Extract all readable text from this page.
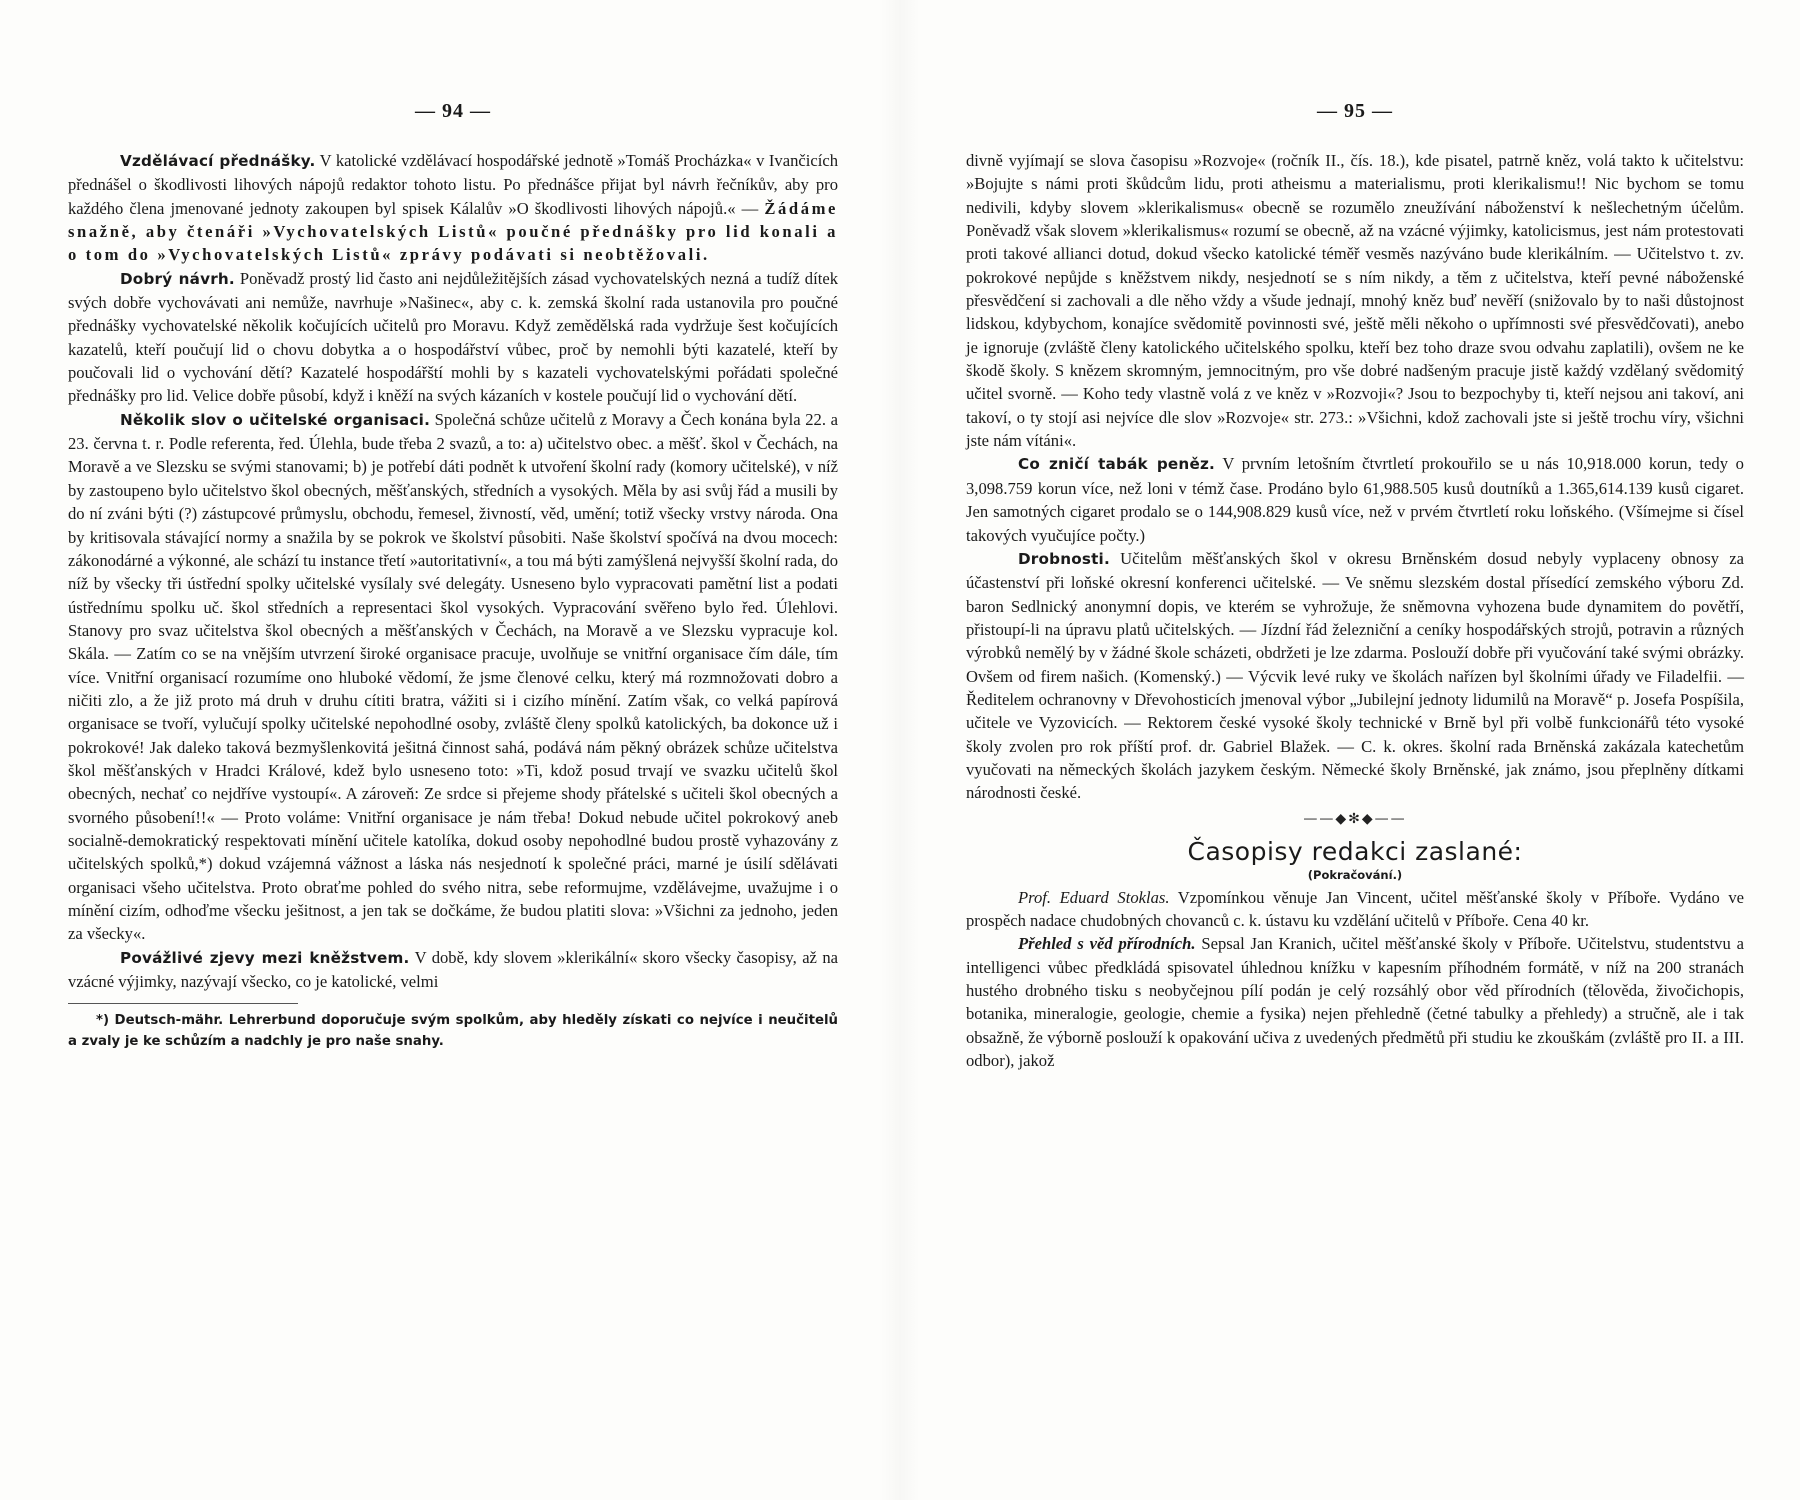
— 94 —

Vzdělávací přednášky. V katolické vzdělávací hospodářské jednotě »Tomáš Procházka« v Ivančicích přednášel o škodlivosti lihových nápojů redaktor tohoto listu. Po přednášce přijat byl návrh řečníkův, aby pro každého člena jmenované jednoty zakoupen byl spisek Kálalův »O škodlivosti lihových nápojů.« — Žádáme snažně, aby čtenáři »Vychovatelských Listů« poučné přednášky pro lid konali a o tom do »Vychovatelských Listů« zprávy podávati si neobtěžovali.

Dobrý návrh. Poněvadž prostý lid často ani nejdůležitějších zásad vychovatelských nezná a tudíž dítek svých dobře vychovávati ani nemůže, navrhuje »Našinec«, aby c. k. zemská školní rada ustanovila pro poučné přednášky vychovatelské několik kočujících učitelů pro Moravu. Když zemědělská rada vydržuje šest kočujících kazatelů, kteří poučují lid o chovu dobytka a o hospodářství vůbec, proč by nemohli býti kazatelé, kteří by poučovali lid o vychování dětí? Kazatelé hospodářští mohli by s kazateli vychovatelskými pořádati společné přednášky pro lid. Velice dobře působí, když i kněží na svých kázaních v kostele poučují lid o vychování dětí.

Několik slov o učitelské organisaci. Společná schůze učitelů z Moravy a Čech konána byla 22. a 23. června t. r. Podle referenta, řed. Úlehla, bude třeba 2 svazů, a to: a) učitelstvo obec. a měšť. škol v Čechách, na Moravě a ve Slezsku se svými stanovami; b) je potřebí dáti podnět k utvoření školní rady (komory učitelské), v níž by zastoupeno bylo učitelstvo škol obecných, měšťanských, středních a vysokých. Měla by asi svůj řád a musili by do ní zváni býti (?) zástupcové průmyslu, obchodu, řemesel, živností, věd, umění; totiž všecky vrstvy národa. Ona by kritisovala stávající normy a snažila by se pokrok ve školství působiti. Naše školství spočívá na dvou mocech: zákonodárné a výkonné, ale schází tu instance třetí »autoritativní«, a tou má býti zamýšlená nejvyšší školní rada, do níž by všecky tři ústřední spolky učitelské vysílaly své delegáty. Usneseno bylo vypracovati pamětní list a podati ústřednímu spolku uč. škol středních a representaci škol vysokých. Vypracování svěřeno bylo řed. Úlehlovi. Stanovy pro svaz učitelstva škol obecných a měšťanských v Čechách, na Moravě a ve Slezsku vypracuje kol. Skála. — Zatím co se na vnějším utvrzení široké organisace pracuje, uvolňuje se vnitřní organisace čím dále, tím více. Vnitřní organisací rozumíme ono hluboké vědomí, že jsme členové celku, který má rozmnožovati dobro a ničiti zlo, a že již proto má druh v druhu cítiti bratra, vážiti si i cizího mínění. Zatím však, co velká papírová organisace se tvoří, vylučují spolky učitelské nepohodlné osoby, zvláště členy spolků katolických, ba dokonce už i pokrokové! Jak daleko taková bezmyšlenkovitá ješitná činnost sahá, podává nám pěkný obrázek schůze učitelstva škol měšťanských v Hradci Králové, kdež bylo usneseno toto: »Ti, kdož posud trvají ve svazku učitelů škol obecných, nechať co nejdříve vystoupí«. A zároveň: Ze srdce si přejeme shody přátelské s učiteli škol obecných a svorného působení!!« — Proto voláme: Vnitřní organisace je nám třeba! Dokud nebude učitel pokrokový aneb socialně-demokratický respektovati mínění učitele katolíka, dokud osoby nepohodlné budou prostě vyhazovány z učitelských spolků,*) dokud vzájemná vážnost a láska nás nesjednotí k společné práci, marné je úsilí sdělávati organisaci všeho učitelstva. Proto obraťme pohled do svého nitra, sebe reformujme, vzdělávejme, uvažujme i o mínění cizím, odhoďme všecku ješitnost, a jen tak se dočkáme, že budou platiti slova: »Všichni za jednoho, jeden za všecky«.

Povážlivé zjevy mezi kněžstvem. V době, kdy slovem »klerikální« skoro všecky časopisy, až na vzácné výjimky, nazývají všecko, co je katolické, velmi

*) Deutsch-mähr. Lehrerbund doporučuje svým spolkům, aby hleděly získati co nejvíce i neučitelů a zvaly je ke schůzím a nadchly je pro naše snahy.

— 95 —

divně vyjímají se slova časopisu »Rozvoje« (ročník II., čís. 18.), kde pisatel, patrně kněz, volá takto k učitelstvu: »Bojujte s námi proti škůdcům lidu, proti atheismu a materialismu, proti klerikalismu!! Nic bychom se tomu nedivili, kdyby slovem »klerikalismus« obecně se rozumělo zneužívání náboženství k nešlechetným účelům. Poněvadž však slovem »klerikalismus« rozumí se obecně, až na vzácné výjimky, katolicismus, jest nám protestovati proti takové allianci dotud, dokud všecko katolické téměř vesměs nazýváno bude klerikálním. — Učitelstvo t. zv. pokrokové nepůjde s kněžstvem nikdy, nesjednotí se s ním nikdy, a těm z učitelstva, kteří pevné náboženské přesvědčení si zachovali a dle něho vždy a všude jednají, mnohý kněz buď nevěří (snižovalo by to naši důstojnost lidskou, kdybychom, konajíce svědomitě povinnosti své, ještě měli někoho o upřímnosti své přesvědčovati), anebo je ignoruje (zvláště členy katolického učitelského spolku, kteří bez toho draze svou odvahu zaplatili), ovšem ne ke škodě školy. S knězem skromným, jemnocitným, pro vše dobré nadšeným pracuje jistě každý vzdělaný svědomitý učitel svorně. — Koho tedy vlastně volá z ve kněz v »Rozvoji«? Jsou to bezpochyby ti, kteří nejsou ani takoví, ani takoví, o ty stojí asi nejvíce dle slov »Rozvoje« str. 273.: »Všichni, kdož zachovali jste si ještě trochu víry, všichni jste nám vítáni«.

Co zničí tabák peněz. V prvním letošním čtvrtletí prokouřilo se u nás 10,918.000 korun, tedy o 3,098.759 korun více, než loni v témž čase. Prodáno bylo 61,988.505 kusů doutníků a 1.365,614.139 kusů cigaret. Jen samotných cigaret prodalo se o 144,908.829 kusů více, než v prvém čtvrtletí roku loňského. (Všímejme si čísel takových vyučujíce počty.)

Drobnosti. Učitelům měšťanských škol v okresu Brněnském dosud nebyly vyplaceny obnosy za účastenství při loňské okresní konferenci učitelské. — Ve sněmu slezském dostal přísedící zemského výboru Zd. baron Sedlnický anonymní dopis, ve kterém se vyhrožuje, že sněmovna vyhozena bude dynamitem do povětří, přistoupí-li na úpravu platů učitelských. — Jízdní řád železniční a ceníky hospodářských strojů, potravin a různých výrobků nemělý by v žádné škole scházeti, obdržeti je lze zdarma. Poslouží dobře při vyučování také svými obrázky. Ovšem od firem našich. (Komenský.) — Výcvik levé ruky ve školách nařízen byl školními úřady ve Filadelfii. — Ředitelem ochranovny v Dřevohosticích jmenoval výbor „Jubilejní jednoty lidumilů na Moravě“ p. Josefa Pospíšila, učitele ve Vyzovicích. — Rektorem české vysoké školy technické v Brně byl při volbě funkcionářů této vysoké školy zvolen pro rok příští prof. dr. Gabriel Blažek. — C. k. okres. školní rada Brněnská zakázala katechetům vyučovati na německých školách jazykem českým. Německé školy Brněnské, jak známo, jsou přeplněny dítkami národnosti české.

——◆✻◆——
Časopisy redakci zaslané:
(Pokračování.)

Prof. Eduard Stoklas. Vzpomínkou věnuje Jan Vincent, učitel měšťanské školy v Příboře. Vydáno ve prospěch nadace chudobných chovanců c. k. ústavu ku vzdělání učitelů v Příboře. Cena 40 kr.

Přehled s věd přírodních. Sepsal Jan Kranich, učitel měšťanské školy v Příboře. Učitelstvu, studentstvu a intelligenci vůbec předkládá spisovatel úhlednou knížku v kapesním příhodném formátě, v níž na 200 stranách hustého drobného tisku s neobyčejnou pílí podán je celý rozsáhlý obor věd přírodních (tělověda, živočichopis, botanika, mineralogie, geologie, chemie a fysika) nejen přehledně (četné tabulky a přehledy) a stručně, ale i tak obsažně, že výborně poslouží k opakování učiva z uvedených předmětů při studiu ke zkouškám (zvláště pro II. a III. odbor), jakož
